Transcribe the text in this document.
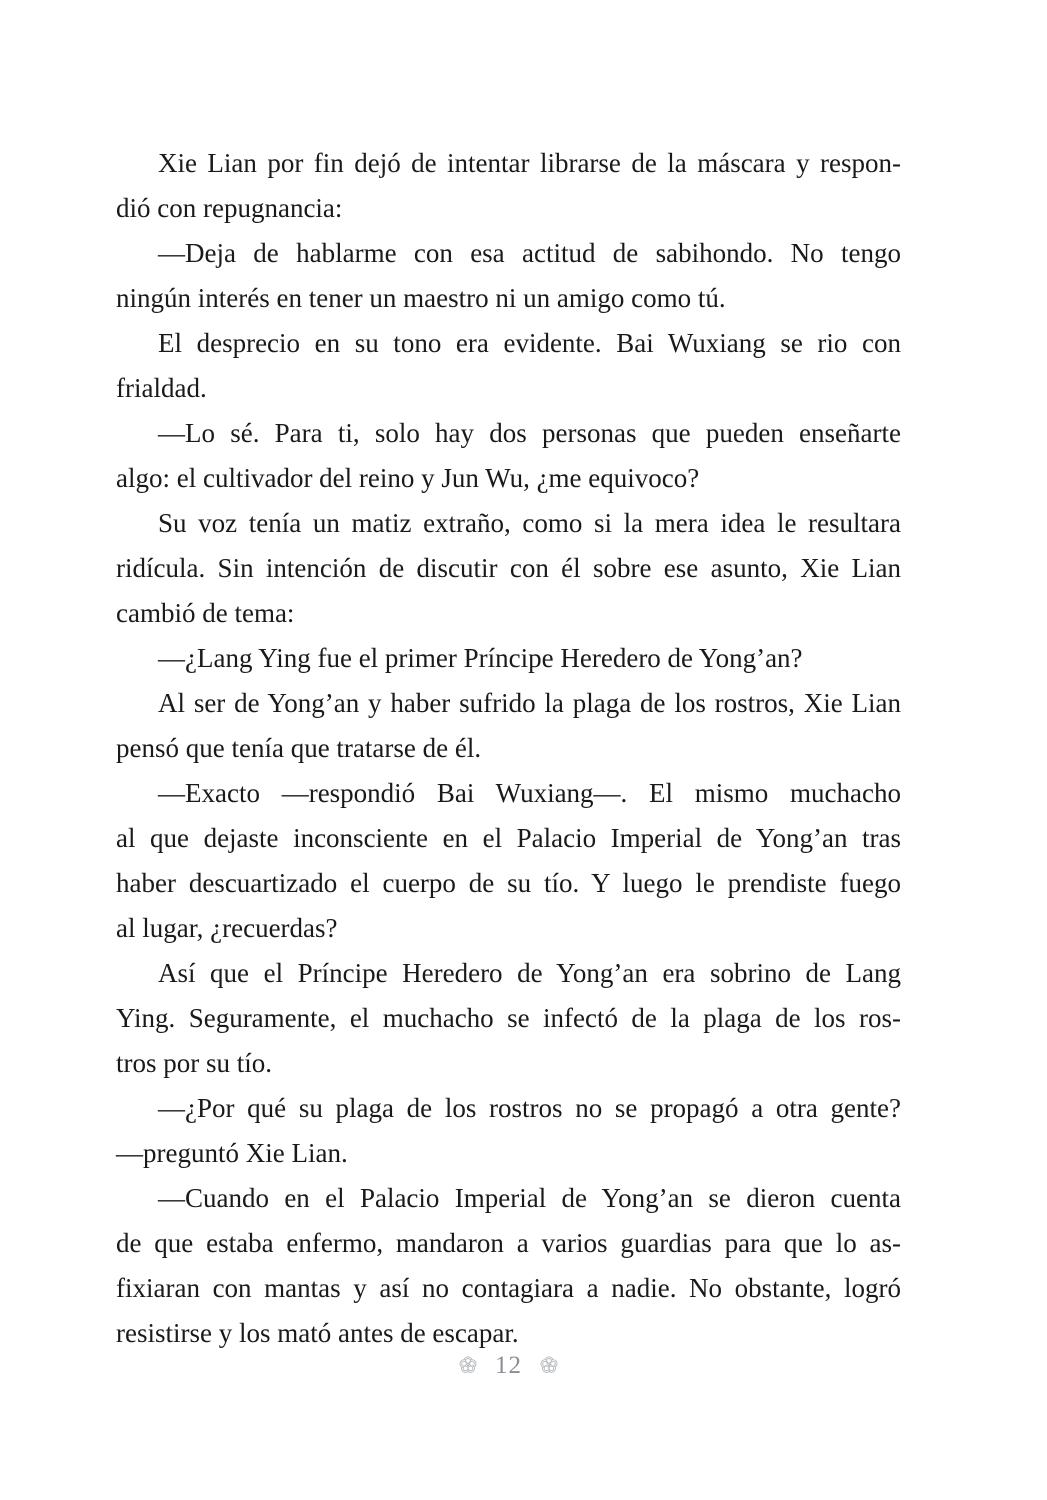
Xie Lian por fin dejó de intentar librarse de la máscara y respon-
dió con repugnancia:
—Deja de hablarme con esa actitud de sabihondo. No tengo
ningún interés en tener un maestro ni un amigo como tú.
El desprecio en su tono era evidente. Bai Wuxiang se rio con
frialdad.
—Lo sé. Para ti, solo hay dos personas que pueden enseñarte
algo: el cultivador del reino y Jun Wu, ¿me equivoco?
Su voz tenía un matiz extraño, como si la mera idea le resultara
ridícula. Sin intención de discutir con él sobre ese asunto, Xie Lian
cambió de tema:
—¿Lang Ying fue el primer Príncipe Heredero de Yong’an?
Al ser de Yong’an y haber sufrido la plaga de los rostros, Xie Lian
pensó que tenía que tratarse de él.
—Exacto —respondió Bai Wuxiang—. El mismo muchacho
al que dejaste inconsciente en el Palacio Imperial de Yong’an tras
haber descuartizado el cuerpo de su tío. Y luego le prendiste fuego
al lugar, ¿recuerdas?
Así que el Príncipe Heredero de Yong’an era sobrino de Lang
Ying. Seguramente, el muchacho se infectó de la plaga de los ros-
tros por su tío.
—¿Por qué su plaga de los rostros no se propagó a otra gente?
—preguntó Xie Lian.
—Cuando en el Palacio Imperial de Yong’an se dieron cuenta
de que estaba enfermo, mandaron a varios guardias para que lo as-
fixiaran con mantas y así no contagiara a nadie. No obstante, logró
resistirse y los mató antes de escapar.
12
